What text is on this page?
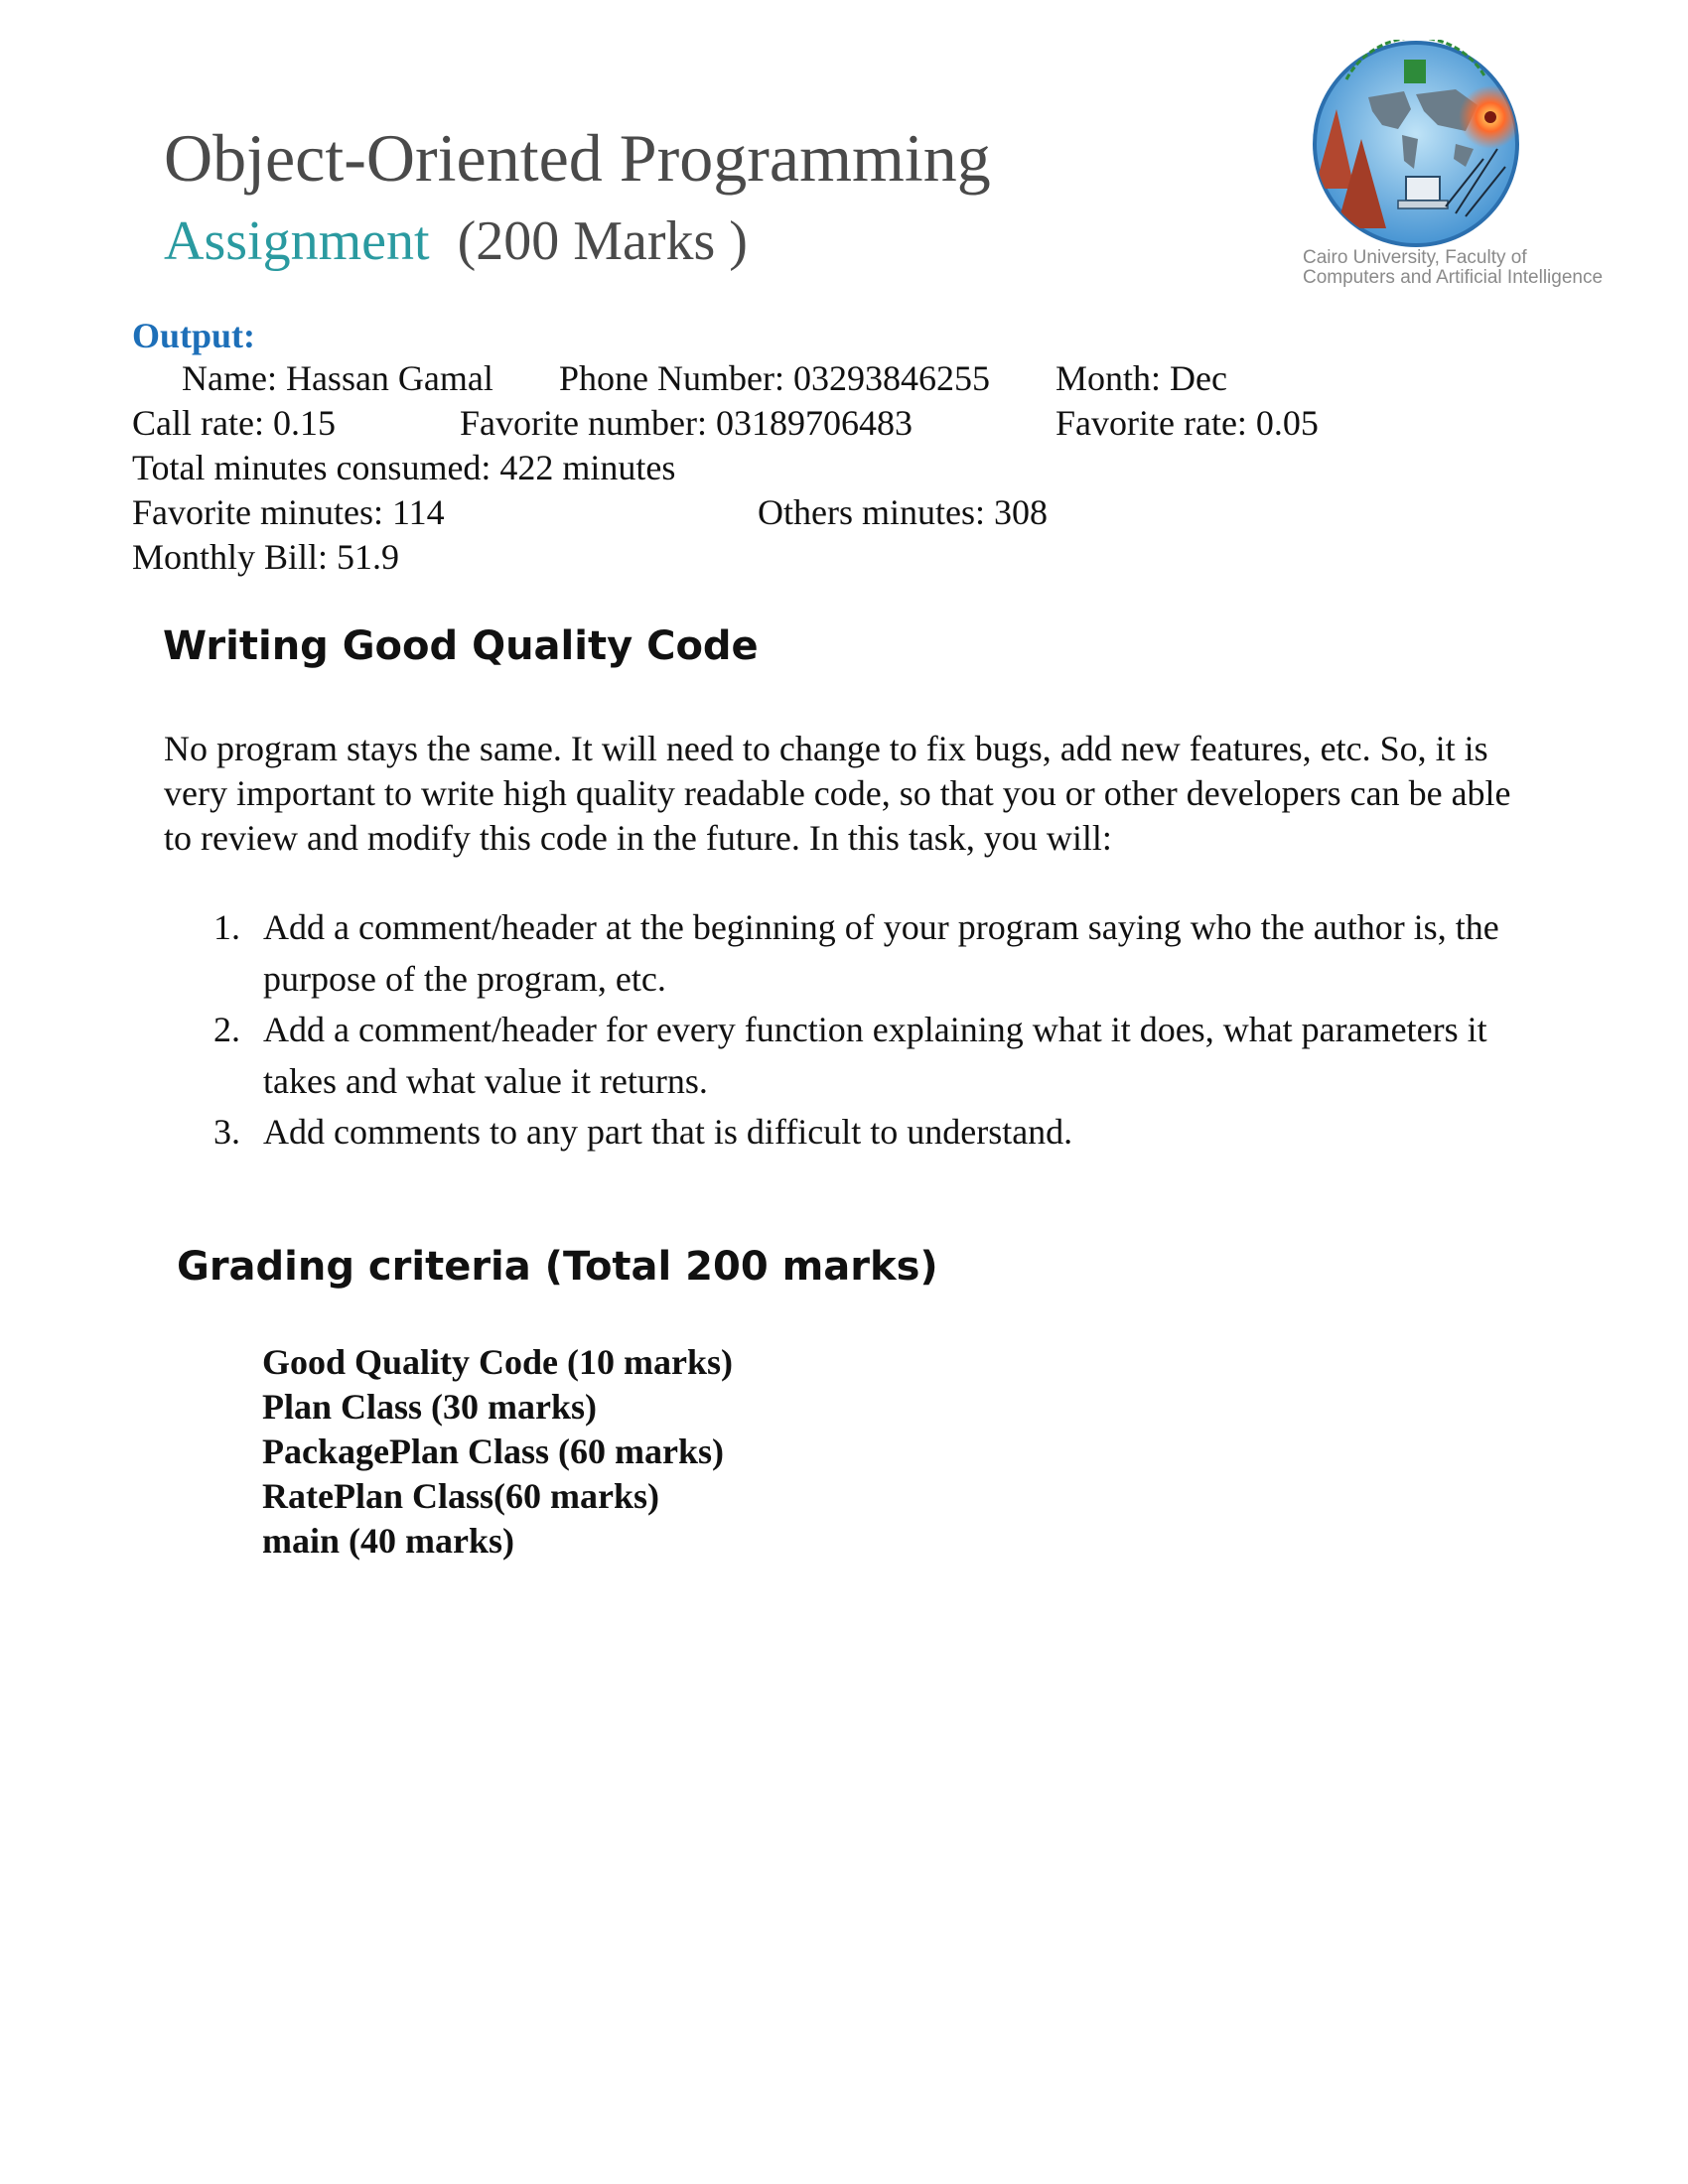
Object-Oriented Programming
Assignment (200 Marks )	Cairo University, Faculty of
Computers and Artificial Intelligence
Output:
Name: Hassan Gamal Phone Number: 03293846255 Month: Dec
Call rate: 0.15	Favorite number: 03189706483	Favorite rate: 0.05
Total minutes consumed: 422 minutes
Favorite minutes: 114	Others minutes: 308
Monthly Bill: 51.9
Writing Good Quality Code
No program stays the same. It will need to change to fix bugs, add new features, etc. So, it is very important to write high quality readable code, so that you or other developers can be able to review and modify this code in the future. In this task, you will:
1. Add a comment/header at the beginning of your program saying who the author is, the purpose of the program, etc.
2. Add a comment/header for every function explaining what it does, what parameters it takes and what value it returns.
3. Add comments to any part that is difficult to understand.
Grading criteria (Total 200 marks)
Good Quality Code (10 marks)
Plan Class (30 marks)
PackagePlan Class (60 marks)
RatePlan Class(60 marks)
main (40 marks)
